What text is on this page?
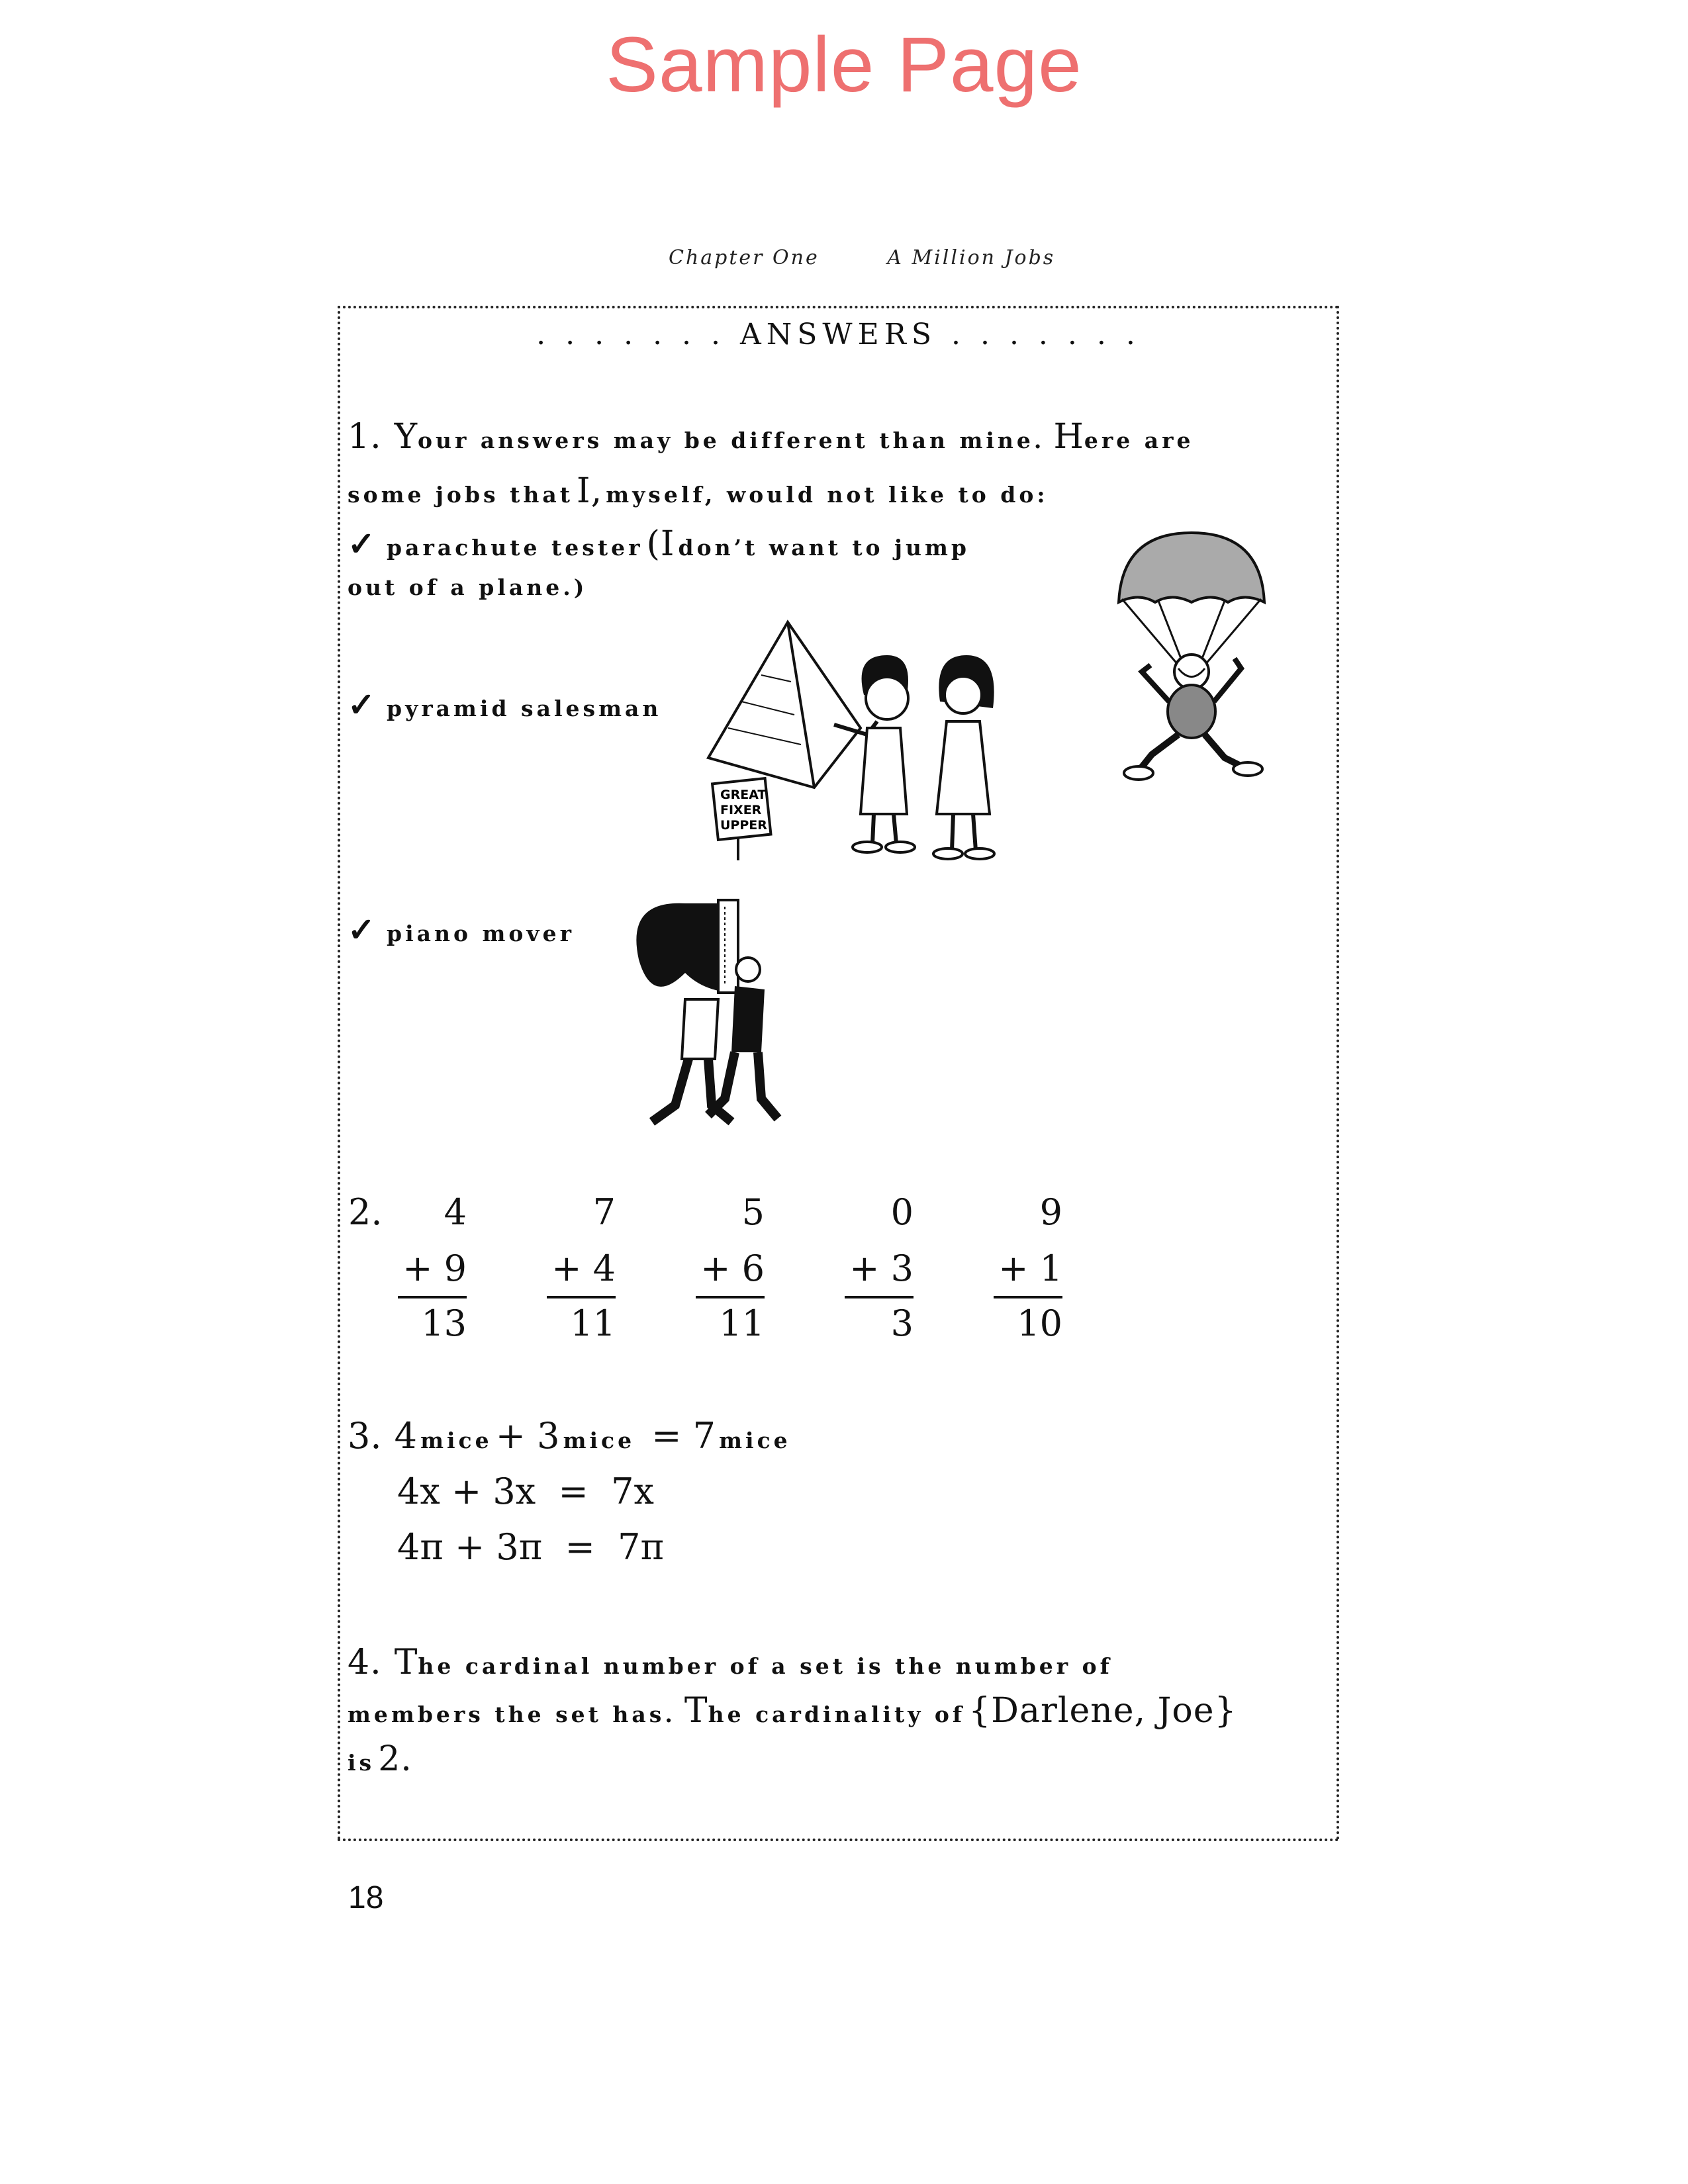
Sample Page
Chapter One	A Million Jobs
. . . . . . . ANSWERS . . . . . . .
1. Your answers may be different than mine. Here are
some jobs that I, myself, would not like to do:
✓ parachute tester (I don’t want to jump
out of a plane.)
✓ pyramid salesman
✓ piano mover
GREAT
FIXER
UPPER
2.	4
+ 9
13
7
+ 4
11
5
+ 6
11
0
+ 3
3
9
+ 1
10
3. 4 mice + 3 mice = 7 mice
4x + 3x  =  7x
4π + 3π  =  7π
4. The cardinal number of a set is the number of
members the set has. The cardinality of {Darlene, Joe}
is 2.
18
